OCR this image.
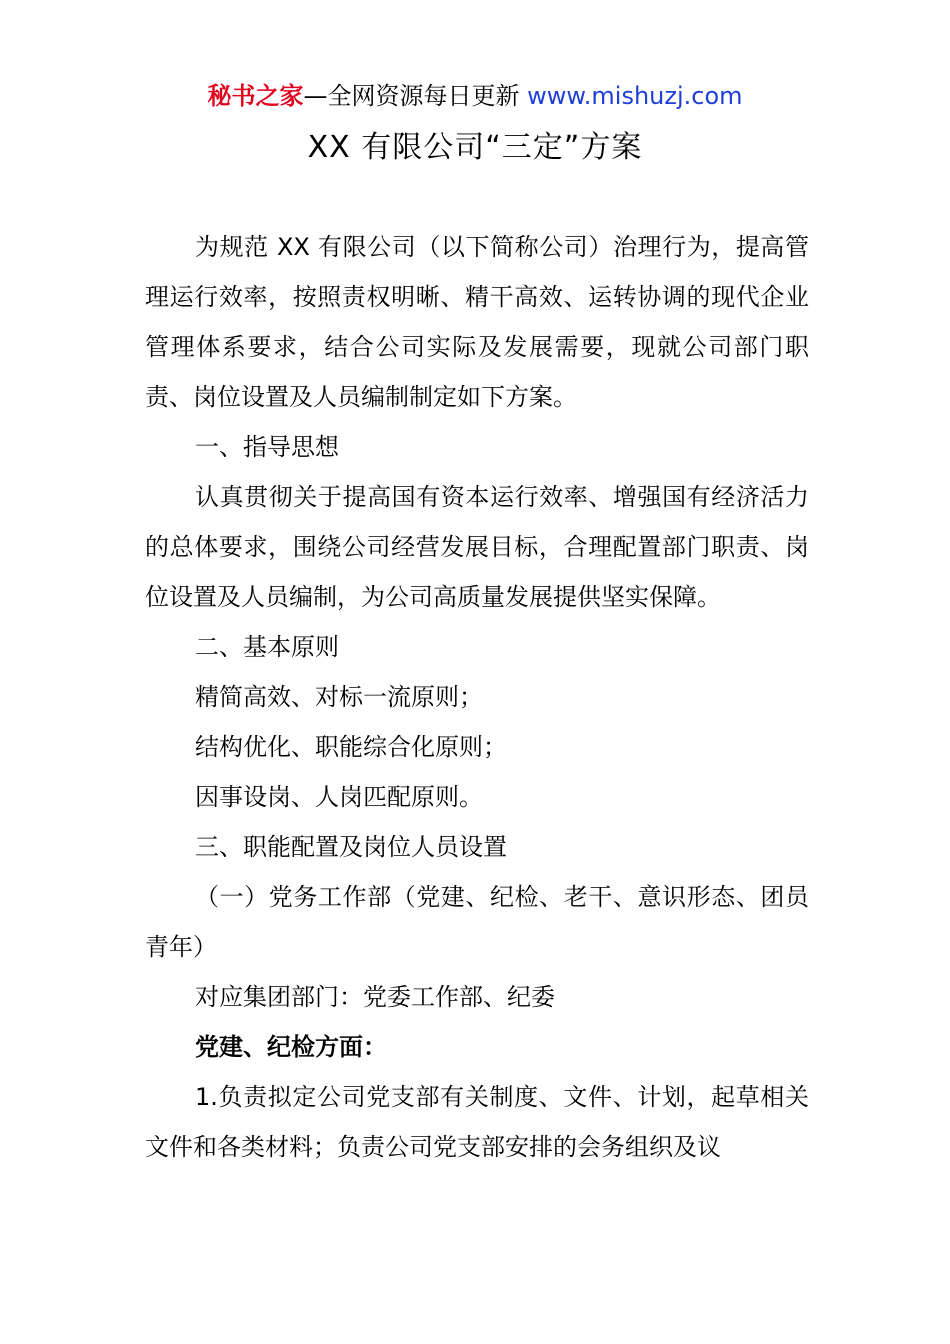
秘书之家—全网资源每日更新 www.mishuzj.com
XX 有限公司“三定”方案

为规范 XX 有限公司（以下简称公司）治理行为，提高管理运行效率，按照责权明晰、精干高效、运转协调的现代企业管理体系要求，结合公司实际及发展需要，现就公司部门职责、岗位设置及人员编制制定如下方案。

一、指导思想

认真贯彻关于提高国有资本运行效率、增强国有经济活力的总体要求，围绕公司经营发展目标，合理配置部门职责、岗位设置及人员编制，为公司高质量发展提供坚实保障。

二、基本原则

精简高效、对标一流原则；

结构优化、职能综合化原则；

因事设岗、人岗匹配原则。

三、职能配置及岗位人员设置

（一）党务工作部（党建、纪检、老干、意识形态、团员青年）

对应集团部门：党委工作部、纪委

党建、纪检方面：

1.负责拟定公司党支部有关制度、文件、计划，起草相关文件和各类材料；负责公司党支部安排的会务组织及议
